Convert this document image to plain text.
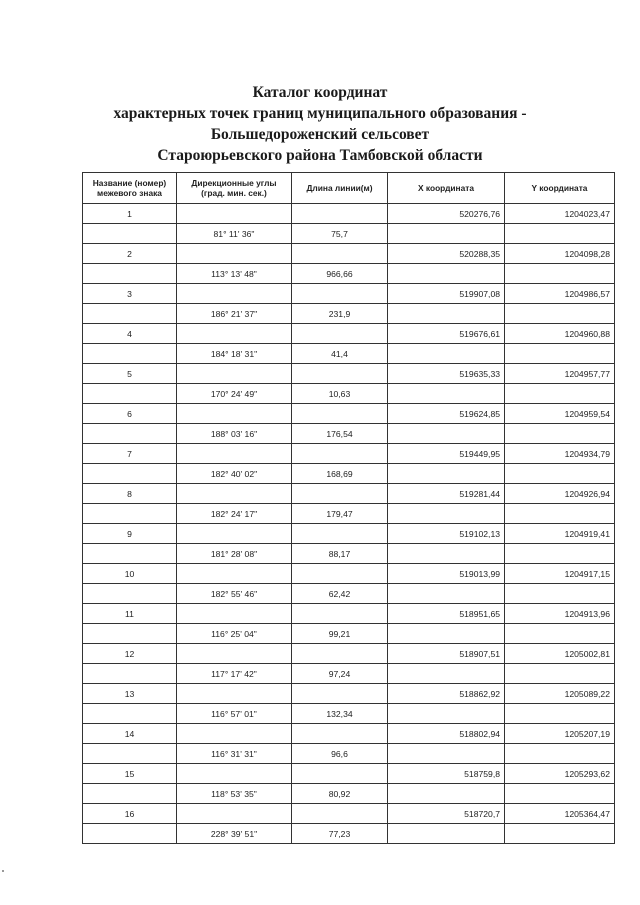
Каталог координат
характерных точек границ муниципального образования -
Большедороженский сельсовет
Староюрьевского района Тамбовской области
Название (номер) межевого знака	Дирекционные углы (град. мин. сек.)	Длина линии(м)	X координата	Y координата
1			520276,76	1204023,47
	81° 11' 36"	75,7		
2			520288,35	1204098,28
	113° 13' 48"	966,66		
3			519907,08	1204986,57
	186° 21' 37"	231,9		
4			519676,61	1204960,88
	184° 18' 31"	41,4		
5			519635,33	1204957,77
	170° 24' 49"	10,63		
6			519624,85	1204959,54
	188° 03' 16"	176,54		
7			519449,95	1204934,79
	182° 40' 02"	168,69		
8			519281,44	1204926,94
	182° 24' 17"	179,47		
9			519102,13	1204919,41
	181° 28' 08"	88,17		
10			519013,99	1204917,15
	182° 55' 46"	62,42		
11			518951,65	1204913,96
	116° 25' 04"	99,21		
12			518907,51	1205002,81
	117° 17' 42"	97,24		
13			518862,92	1205089,22
	116° 57' 01"	132,34		
14			518802,94	1205207,19
	116° 31' 31"	96,6		
15			518759,8	1205293,62
	118° 53' 35"	80,92		
16			518720,7	1205364,47
	228° 39' 51"	77,23		
